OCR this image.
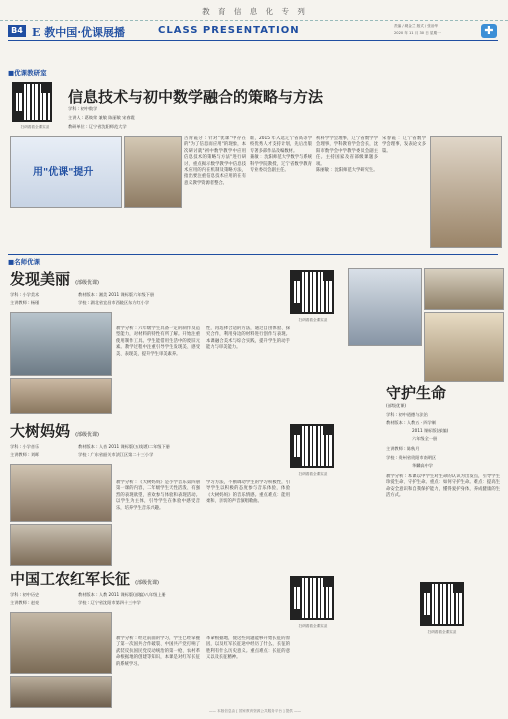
教 育 信 息 化 专 列
B4 E 教中国·优课展播	CLASS PRESENTATION	责编 / 刷金兰 版式 / 张治华
2020 年 11 月 30 日 星期一	✚
■优课教研室
扫码看看全课实录
信息技术与初中数学融合的策略与方法
学科 : 初中数学
主讲人 : 葛焕荣 兼敏 陈丽敏 宋春霞
教研单位 : 辽宁省沈阳师范大学
用"优课"提升
古青霞分 : 针对"优课"中存在的"为了信息而应用"的现象，本次研讨就"初中数学教学中应用信息技术的策略与方法"进行研讨，重点揭示数学教学中信息技术应用的内在机制及策略方法，指出要注重信息技术应用的在有意义教学资源者整合。
谁，2015 年入选辽宁省高等学校优秀人才支持计划，先后出版专著多部作品及编数材。
兼敏 ：沈阳师范大学数学与系统科学学院教授，辽宁省数学教育专业委员会副主任。
初科学学会理事，辽宁省数学学会理事，学科教育学会会长，沈阳市数学会中学教学委员会副主任。主持国家及省部级课题多项。
陈丽敏 ：沈阳师范大学研究生。
宋春霞 ：辽宁省数学学会理事，发表论文多篇。
■名师优课
发现美丽 (部级优课)
学科 : 小学美术
主讲教师 : 杨瑾
教材版本 : 湘美 2011 课标版六年级下册
学校 : 湖北省宜昌市西陵区东方红小学
扫码看看全课实录
教学分析 : 六年级学生具备一定的制作及造型能力，对材料的特性有所了解。开始注重使用制作工具。学生能借用生活中的废旧元素。教学过程中注重引导学生发现美、感受美、表现美，提升学生审美素养。
性，再选择合适的方法，通过自由体验、探究合作，利用身边的材料进行创作与表现。本课融合美术与综合实践，提升学生的动手能力与审美能力。
守护生命
(部级优课)
学科 : 初中道德与法治
教材版本 : 人教五 · 四学制
2011 课标版(部编)
六年级全一册
主讲教师 : 陈秋月
学校 : 贵州省贵阳市南明区
华麟高中学
教学分析 : 本课以中学生对生命的认识为出发点，引导学生珍爱生命、守护生命。重点：如何守护生命。难点：提高生命安全意识和自我保护能力，懂得爱护身体，养成健康的生活方式。
扫码看看全课实录
大树妈妈 (部级优课)
学科 : 小学音乐
主讲教师 : 刘晖
教材版本 : 人音 2011 课标版(五线谱)二年级下册
学校 : 广东省韶关市浈江区第二十三小学
扫码看看全课实录
教学分析 : 《大树妈妈》是小学音乐第四册第一课的内容，二年级学生天性活泼、有强烈的表现欲望，喜欢参与体验和表现活动。以学生为主体，引导学生在体验中感受音乐，培养学生音乐兴趣。
学习方法，不断调动学生的学习积极性，引导学生以积极的态度参与音乐体验，体验《大树妈妈》的音乐情感。重点难点：能用柔和、亲切的声音演唱歌曲。
中国工农红军长征 (部级优课)
学科 : 初中历史
主讲教师 : 赵亮
教材版本 : 人教 2011 课标版(部编)八年级上册
学校 : 辽宁省沈阳市第四十三中学
扫码看看全课实录
教学分析 : 经过前面的学习，学生已经掌握了第一次国共合作破裂、中国共产党打响了武装反抗国民党反动统治的第一枪、农村革命根据地的创建等知识，本课是对红军长征的系统学习。
革命根据地，使这些问题能够开始长征的原因，以及红军长征途中经历了什么，长征的胜利有什么历史意义。重点难点：长征的意义以及长征精神。
—— 本版信息由 [ 国家教育资源公共服务平台 ] 提供 ——
